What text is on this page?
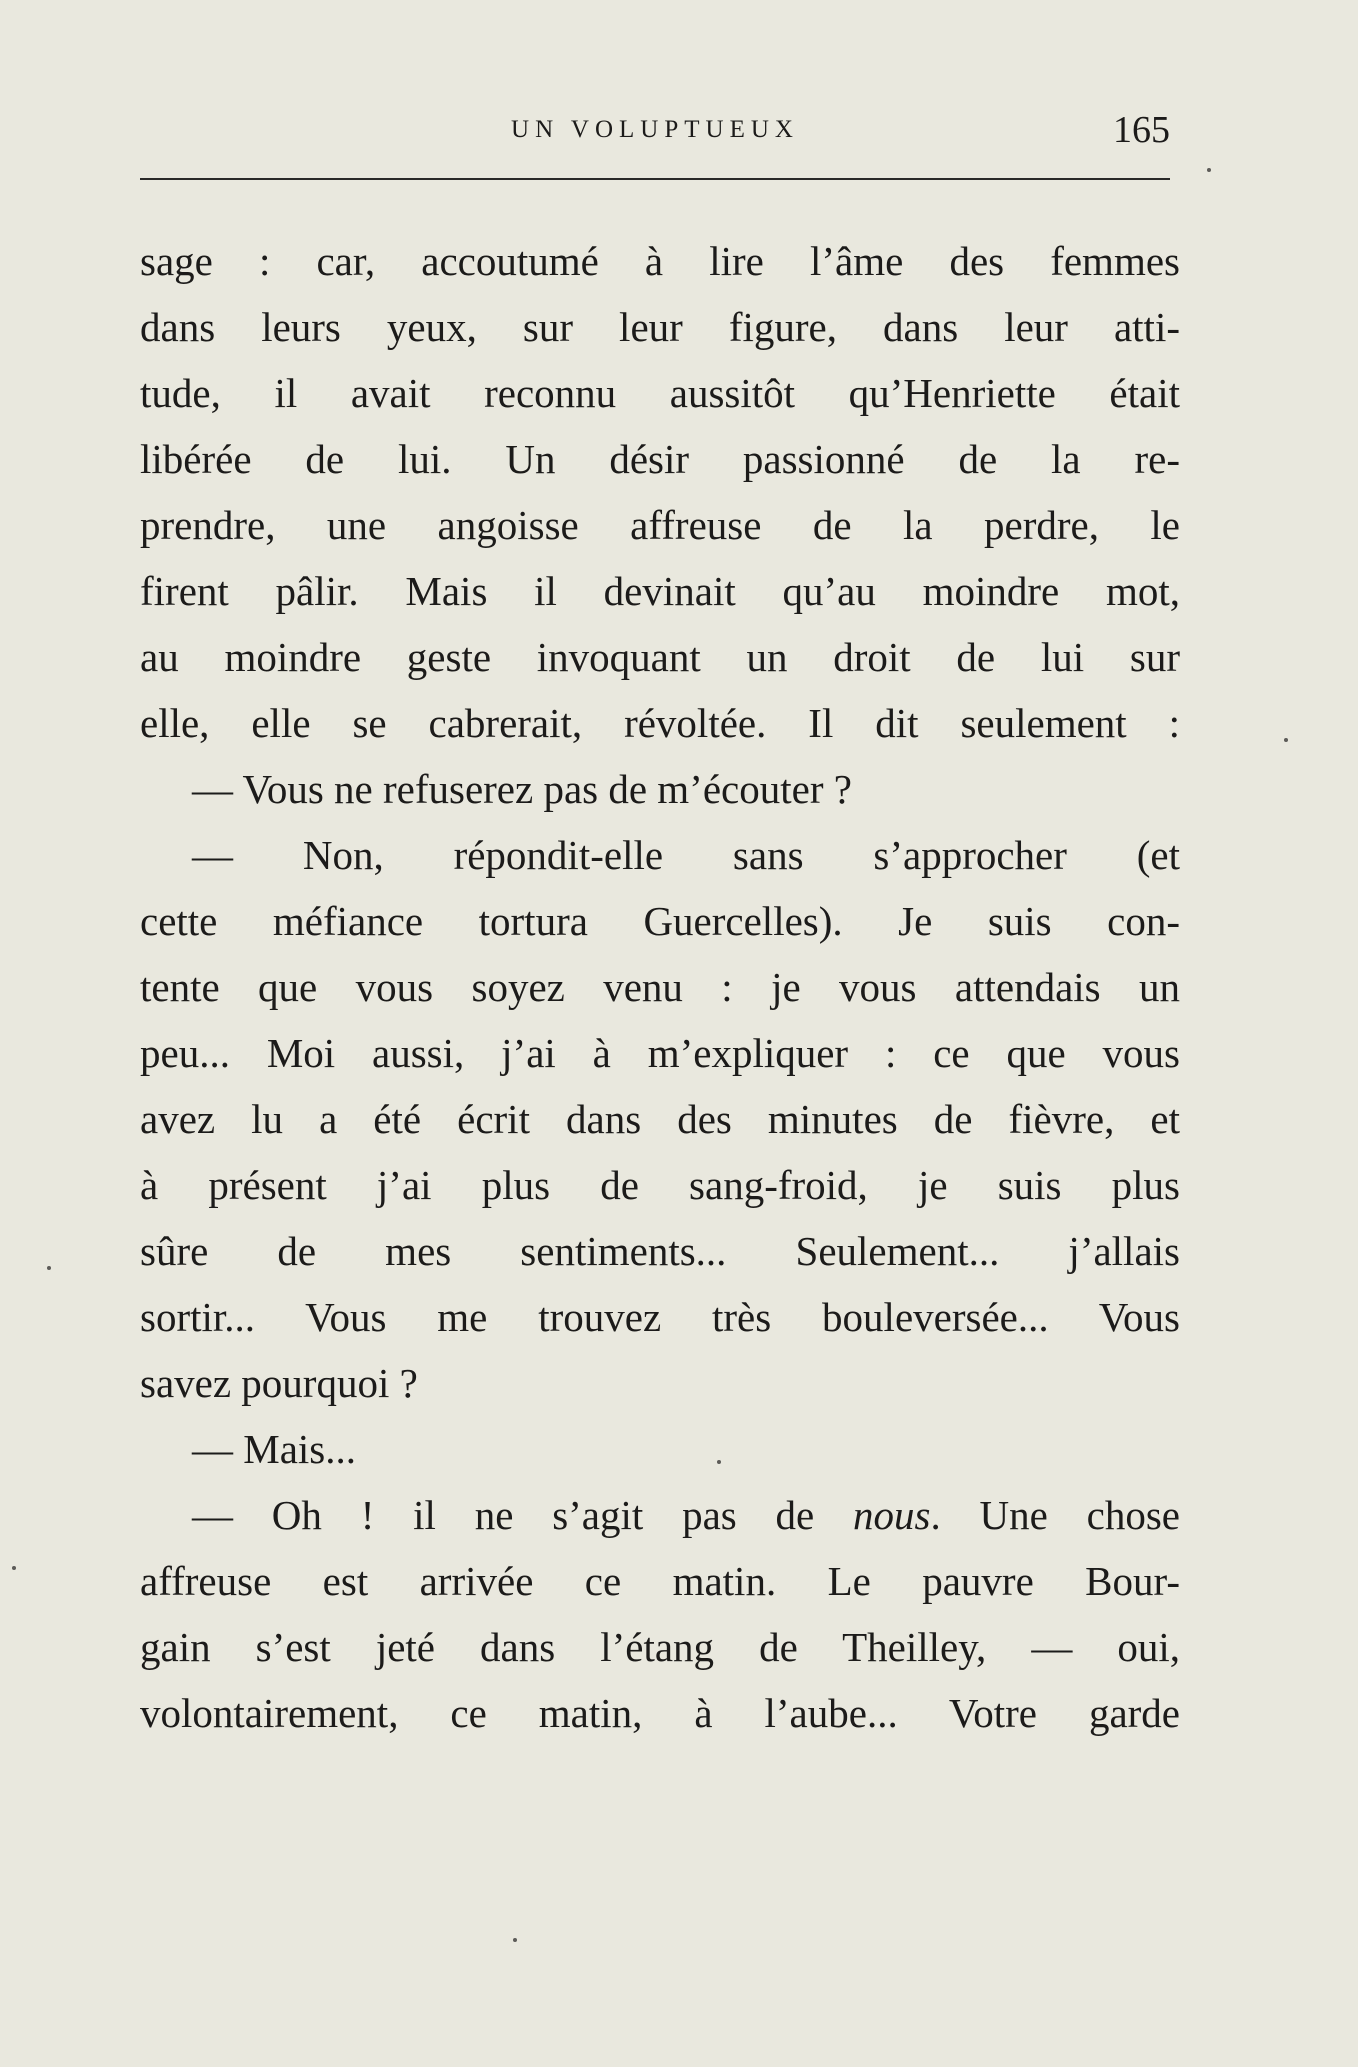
UN VOLUPTUEUX	165
sage : car, accoutumé à lire l’âme des femmes
dans leurs yeux, sur leur figure, dans leur atti-
tude, il avait reconnu aussitôt qu’Henriette était
libérée de lui. Un désir passionné de la re-
prendre, une angoisse affreuse de la perdre, le
firent pâlir. Mais il devinait qu’au moindre mot,
au moindre geste invoquant un droit de lui sur
elle, elle se cabrerait, révoltée. Il dit seulement :
— Vous ne refuserez pas de m’écouter ?
— Non, répondit-elle sans s’approcher (et
cette méfiance tortura Guercelles). Je suis con-
tente que vous soyez venu : je vous attendais un
peu... Moi aussi, j’ai à m’expliquer : ce que vous
avez lu a été écrit dans des minutes de fièvre, et
à présent j’ai plus de sang-froid, je suis plus
sûre de mes sentiments... Seulement... j’allais
sortir... Vous me trouvez très bouleversée... Vous
savez pourquoi ?
— Mais...
— Oh ! il ne s’agit pas de nous. Une chose
affreuse est arrivée ce matin. Le pauvre Bour-
gain s’est jeté dans l’étang de Theilley, — oui,
volontairement, ce matin, à l’aube... Votre garde
